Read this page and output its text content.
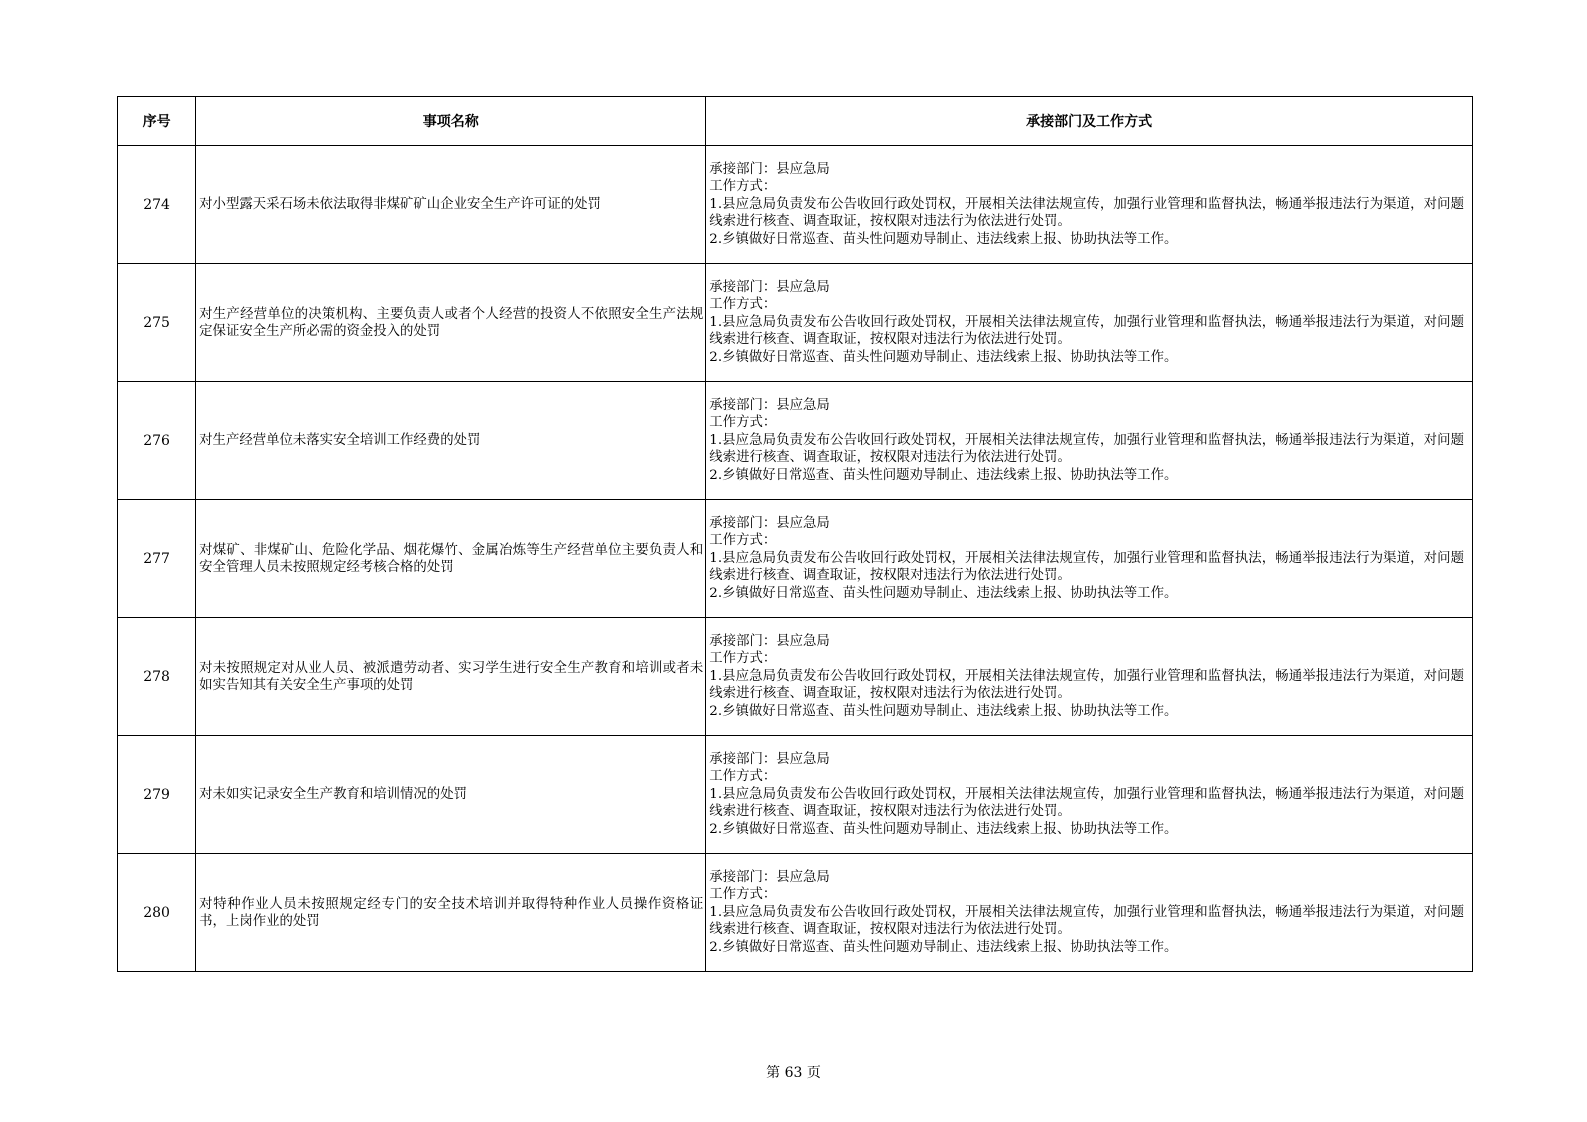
序号	事项名称	承接部门及工作方式
274	对小型露天采石场未依法取得非煤矿矿山企业安全生产许可证的处罚	承接部门：县应急局
工作方式：
1.县应急局负责发布公告收回行政处罚权，开展相关法律法规宣传，加强行业管理和监督执法，畅通举报违法行为渠道，对问题线索进行核查、调查取证，按权限对违法行为依法进行处罚。
2.乡镇做好日常巡查、苗头性问题劝导制止、违法线索上报、协助执法等工作。

275	对生产经营单位的决策机构、主要负责人或者个人经营的投资人不依照安全生产法规定保证安全生产所必需的资金投入的处罚	承接部门：县应急局
工作方式：
1.县应急局负责发布公告收回行政处罚权，开展相关法律法规宣传，加强行业管理和监督执法，畅通举报违法行为渠道，对问题线索进行核查、调查取证，按权限对违法行为依法进行处罚。
2.乡镇做好日常巡查、苗头性问题劝导制止、违法线索上报、协助执法等工作。

276	对生产经营单位未落实安全培训工作经费的处罚	承接部门：县应急局
工作方式：
1.县应急局负责发布公告收回行政处罚权，开展相关法律法规宣传，加强行业管理和监督执法，畅通举报违法行为渠道，对问题线索进行核查、调查取证，按权限对违法行为依法进行处罚。
2.乡镇做好日常巡查、苗头性问题劝导制止、违法线索上报、协助执法等工作。

277	对煤矿、非煤矿山、危险化学品、烟花爆竹、金属冶炼等生产经营单位主要负责人和安全管理人员未按照规定经考核合格的处罚	承接部门：县应急局
工作方式：
1.县应急局负责发布公告收回行政处罚权，开展相关法律法规宣传，加强行业管理和监督执法，畅通举报违法行为渠道，对问题线索进行核查、调查取证，按权限对违法行为依法进行处罚。
2.乡镇做好日常巡查、苗头性问题劝导制止、违法线索上报、协助执法等工作。

278	对未按照规定对从业人员、被派遣劳动者、实习学生进行安全生产教育和培训或者未如实告知其有关安全生产事项的处罚	承接部门：县应急局
工作方式：
1.县应急局负责发布公告收回行政处罚权，开展相关法律法规宣传，加强行业管理和监督执法，畅通举报违法行为渠道，对问题线索进行核查、调查取证，按权限对违法行为依法进行处罚。
2.乡镇做好日常巡查、苗头性问题劝导制止、违法线索上报、协助执法等工作。

279	对未如实记录安全生产教育和培训情况的处罚	承接部门：县应急局
工作方式：
1.县应急局负责发布公告收回行政处罚权，开展相关法律法规宣传，加强行业管理和监督执法，畅通举报违法行为渠道，对问题线索进行核查、调查取证，按权限对违法行为依法进行处罚。
2.乡镇做好日常巡查、苗头性问题劝导制止、违法线索上报、协助执法等工作。

280	对特种作业人员未按照规定经专门的安全技术培训并取得特种作业人员操作资格证书，上岗作业的处罚	承接部门：县应急局
工作方式：
1.县应急局负责发布公告收回行政处罚权，开展相关法律法规宣传，加强行业管理和监督执法，畅通举报违法行为渠道，对问题线索进行核查、调查取证，按权限对违法行为依法进行处罚。
2.乡镇做好日常巡查、苗头性问题劝导制止、违法线索上报、协助执法等工作。
第 63 页
